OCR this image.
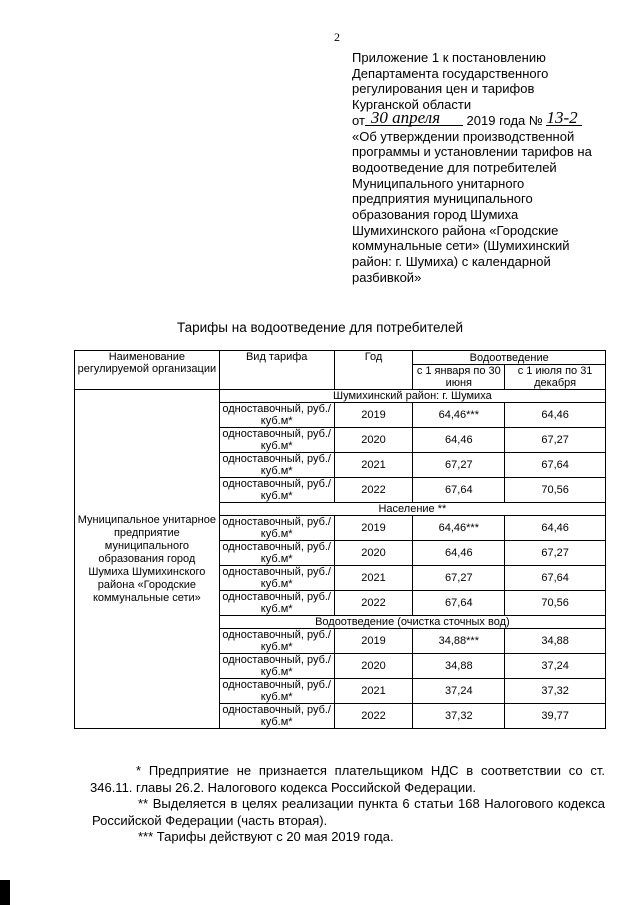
2
Приложение 1 к постановлению
Департамента государственного
регулирования цен и тарифов
Курганской области
от 30 апреля 2019 года № 13-2
«Об утверждении производственной
программы и установлении тарифов на
водоотведение для потребителей
Муниципального унитарного
предприятия муниципального
образования город Шумиха
Шумихинского района «Городские
коммунальные сети» (Шумихинский
район: г. Шумиха) с календарной
разбивкой»
Тарифы на водоотведение для потребителей
Наименование регулируемой организации	Вид тарифа	Год	Водоотведение	
			с 1 января по 30 июня	с 1 июля по 31 декабря
Муниципальное унитарное предприятие муниципального образования город Шумиха Шумихинского района «Городские коммунальные сети»	Шумихинский район: г. Шумиха			
	одноставочный, руб./куб.м*	2019	64,46***	64,46
	одноставочный, руб./куб.м*	2020	64,46	67,27
	одноставочный, руб./куб.м*	2021	67,27	67,64
	одноставочный, руб./куб.м*	2022	67,64	70,56
	Население **			
	одноставочный, руб./куб.м*	2019	64,46***	64,46
	одноставочный, руб./куб.м*	2020	64,46	67,27
	одноставочный, руб./куб.м*	2021	67,27	67,64
	одноставочный, руб./куб.м*	2022	67,64	70,56
	Водоотведение (очистка сточных вод)			
	одноставочный, руб./куб.м*	2019	34,88***	34,88
	одноставочный, руб./куб.м*	2020	34,88	37,24
	одноставочный, руб./куб.м*	2021	37,24	37,32
	одноставочный, руб./куб.м*	2022	37,32	39,77

* Предприятие не признается плательщиком НДС в соответствии со ст. 346.11. главы 26.2. Налогового кодекса Российской Федерации.

** Выделяется в целях реализации пункта 6 статьи 168 Налогового кодекса Российской Федерации (часть вторая).

*** Тарифы действуют с 20 мая 2019 года.
